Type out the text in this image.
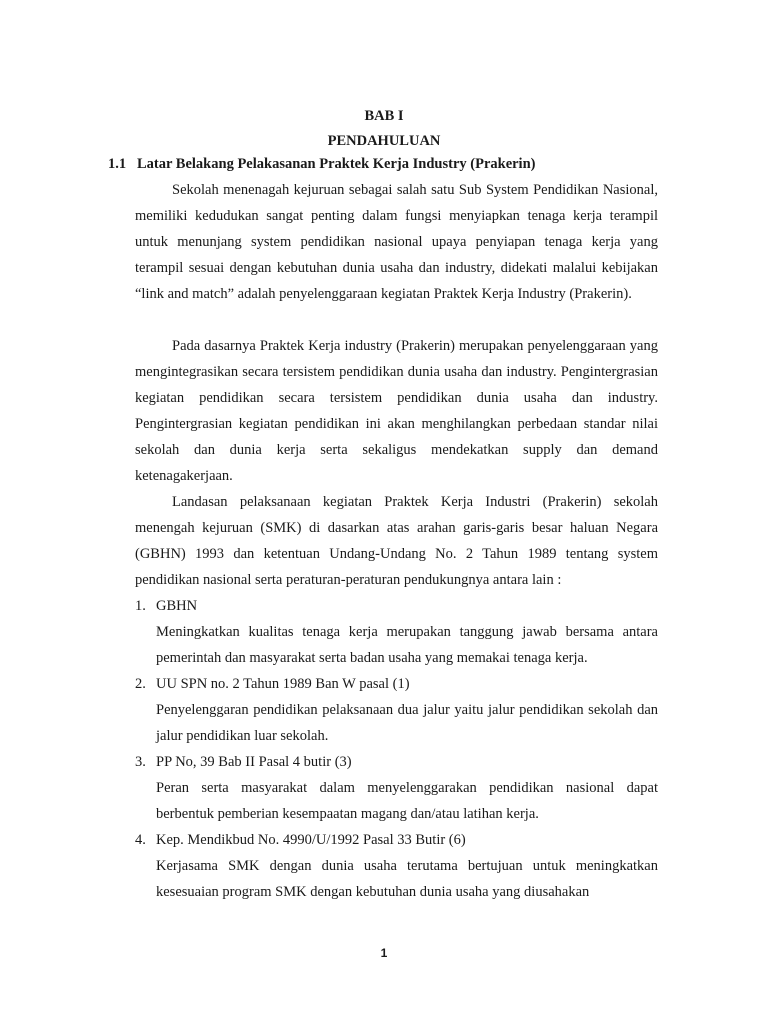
BAB I
PENDAHULUAN
1.1 Latar Belakang Pelakasanan Praktek Kerja Industry (Prakerin)

Sekolah menenagah kejuruan sebagai salah satu Sub System Pendidikan Nasional, memiliki kedudukan sangat penting dalam fungsi menyiapkan tenaga kerja terampil untuk menunjang system pendidikan nasional upaya penyiapan tenaga kerja yang terampil sesuai dengan kebutuhan dunia usaha dan industry, didekati malalui kebijakan “link and match” adalah penyelenggaraan kegiatan Praktek Kerja Industry (Prakerin).

Pada dasarnya Praktek Kerja industry (Prakerin) merupakan penyelenggaraan yang mengintegrasikan secara tersistem pendidikan dunia usaha dan industry. Pengintergrasian kegiatan pendidikan secara tersistem pendidikan dunia usaha dan industry. Pengintergrasian kegiatan pendidikan ini akan menghilangkan perbedaan standar nilai sekolah dan dunia kerja serta sekaligus mendekatkan supply dan demand ketenagakerjaan.

Landasan pelaksanaan kegiatan Praktek Kerja Industri (Prakerin) sekolah menengah kejuruan (SMK) di dasarkan atas arahan garis-garis besar haluan Negara (GBHN) 1993 dan ketentuan Undang-Undang No. 2 Tahun 1989 tentang system pendidikan nasional serta peraturan-peraturan pendukungnya antara lain :

1. GBHN
Meningkatkan kualitas tenaga kerja merupakan tanggung jawab bersama antara pemerintah dan masyarakat serta badan usaha yang memakai tenaga kerja.
2. UU SPN no. 2 Tahun 1989 Ban W pasal (1)
Penyelenggaran pendidikan pelaksanaan dua jalur yaitu jalur pendidikan sekolah dan jalur pendidikan luar sekolah.
3. PP No, 39 Bab II Pasal 4 butir (3)
Peran serta masyarakat dalam menyelenggarakan pendidikan nasional dapat berbentuk pemberian kesempaatan magang dan/atau latihan kerja.
4. Kep. Mendikbud No. 4990/U/1992 Pasal 33 Butir (6)
Kerjasama SMK dengan dunia usaha terutama bertujuan untuk meningkatkan kesesuaian program SMK dengan kebutuhan dunia usaha yang diusahakan
1
